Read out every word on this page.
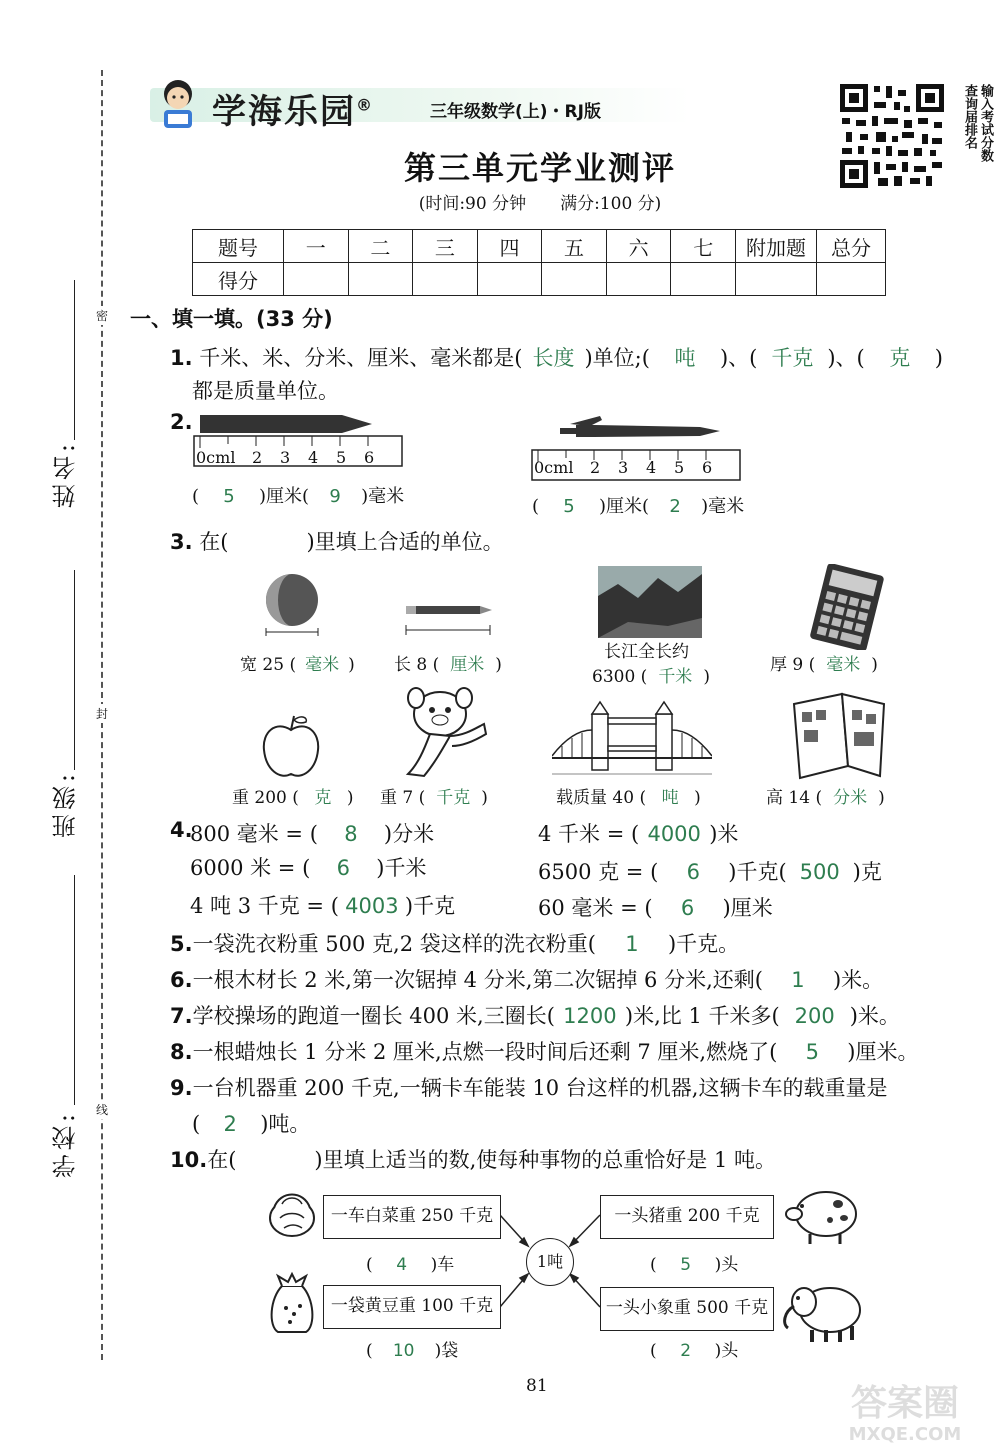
学海乐园®	三年级数学(上)・RJ版	输入考试分数
查询届排名
第三单元学业测评
(时间:90 分钟　　满分:100 分)
题号	一	二	三	四	五	六	七	附加题	总分
得分									
密
封
线
姓名:
班级:
学校:
一、填一填。(33 分)
1. 千米、米、分米、厘米、毫米都是( 长度 )单位;( 吨 )、( 千克 )、( 克 )
都是质量单位。
2.
0cml 2 3 4 5 6
( 5 )厘米( 9 )毫米
0cml 2 3 4 5 6
( 5 )厘米( 2 )毫米
3. 在(	)里填上合适的单位。
宽 25 ( 毫米 ) 长 8 ( 厘米 )
长江全长约
6300 ( 千米 )
厚 9 ( 毫米 )
重 200 ( 克 ) 重 7 ( 千克 )	载质量 40 ( 吨 )	高 14 ( 分米 )
4.
800 毫米 = ( 8 )分米	4 千米 = ( 4000 )米
6000 米 = ( 6 )千米	6500 克 = ( 6 )千克( 500 )克
4 吨 3 千克 = ( 4003 )千克	60 毫米 = ( 6 )厘米
5.一袋洗衣粉重 500 克,2 袋这样的洗衣粉重( 1 )千克。
6.一根木材长 2 米,第一次锯掉 4 分米,第二次锯掉 6 分米,还剩( 1 )米。
7.学校操场的跑道一圈长 400 米,三圈长( 1200 )米,比 1 千米多( 200 )米。
8.一根蜡烛长 1 分米 2 厘米,点燃一段时间后还剩 7 厘米,燃烧了( 5 )厘米。
9.一台机器重 200 千克,一辆卡车能装 10 台这样的机器,这辆卡车的载重量是
( 2 )吨。
10.在(	)里填上适当的数,使每种事物的总重恰好是 1 吨。
1吨
一车白菜重 250 千克	一头猪重 200 千克
一袋黄豆重 100 千克	一头小象重 500 千克
( 4 )车	( 5 )头
( 10 )袋	( 2 )头
81	答案圈
MXQE.COM
